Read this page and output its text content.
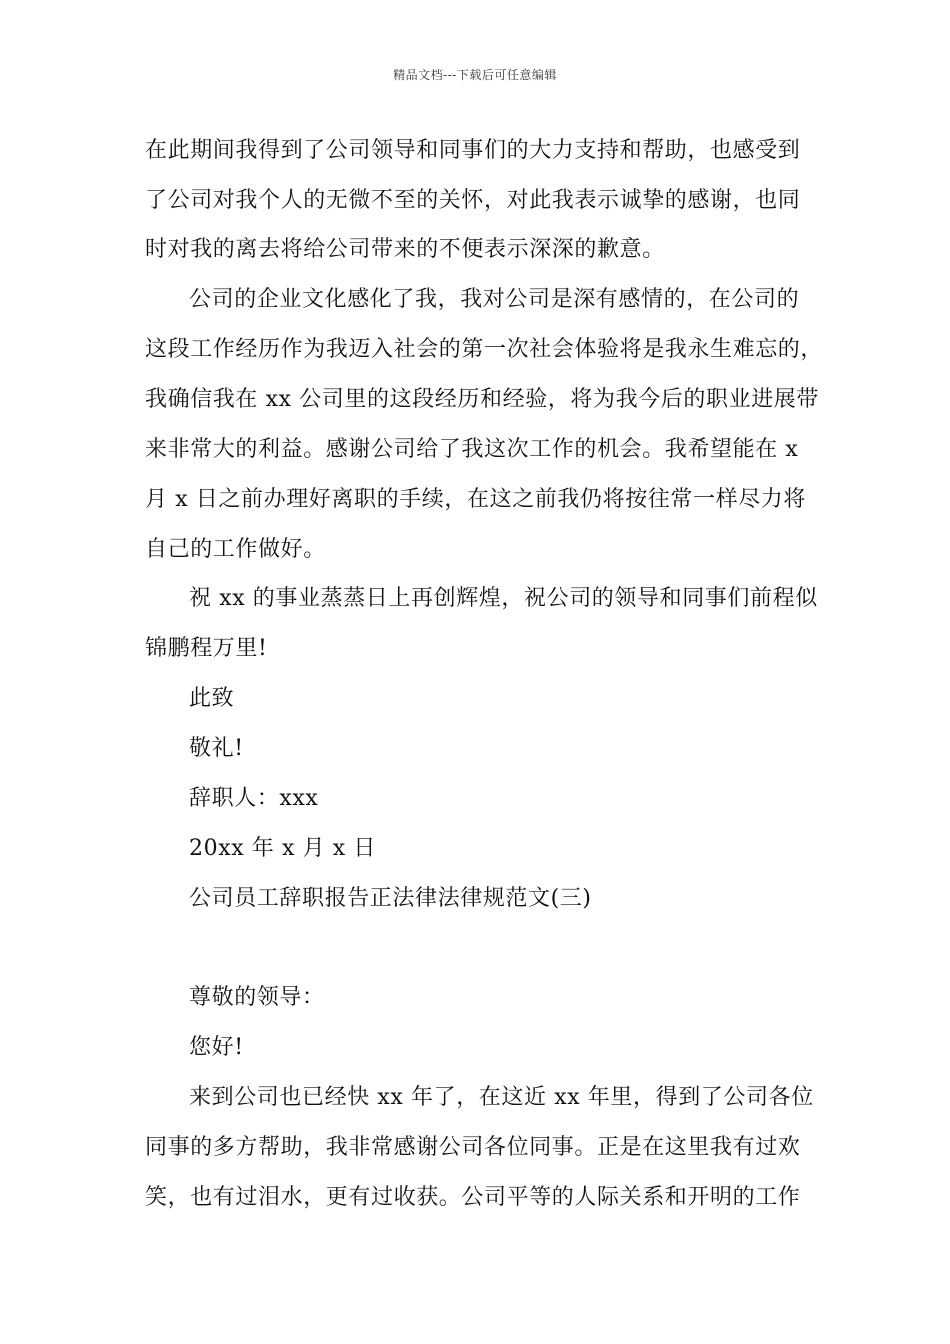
精品文档---下载后可任意编辑
在此期间我得到了公司领导和同事们的大力支持和帮助，也感受到
了公司对我个人的无微不至的关怀，对此我表示诚挚的感谢，也同
时对我的离去将给公司带来的不便表示深深的歉意。
公司的企业文化感化了我，我对公司是深有感情的，在公司的
这段工作经历作为我迈入社会的第一次社会体验将是我永生难忘的，
我确信我在 xx 公司里的这段经历和经验，将为我今后的职业进展带
来非常大的利益。感谢公司给了我这次工作的机会。我希望能在 x
月 x 日之前办理好离职的手续，在这之前我仍将按往常一样尽力将
自己的工作做好。
祝 xx 的事业蒸蒸日上再创辉煌，祝公司的领导和同事们前程似
锦鹏程万里!
此致
敬礼!
辞职人：xxx
20xx 年 x 月 x 日
公司员工辞职报告正法律法律规范文(三)
尊敬的领导：
您好!
来到公司也已经快 xx 年了，在这近 xx 年里，得到了公司各位
同事的多方帮助，我非常感谢公司各位同事。正是在这里我有过欢
笑，也有过泪水，更有过收获。公司平等的人际关系和开明的工作
